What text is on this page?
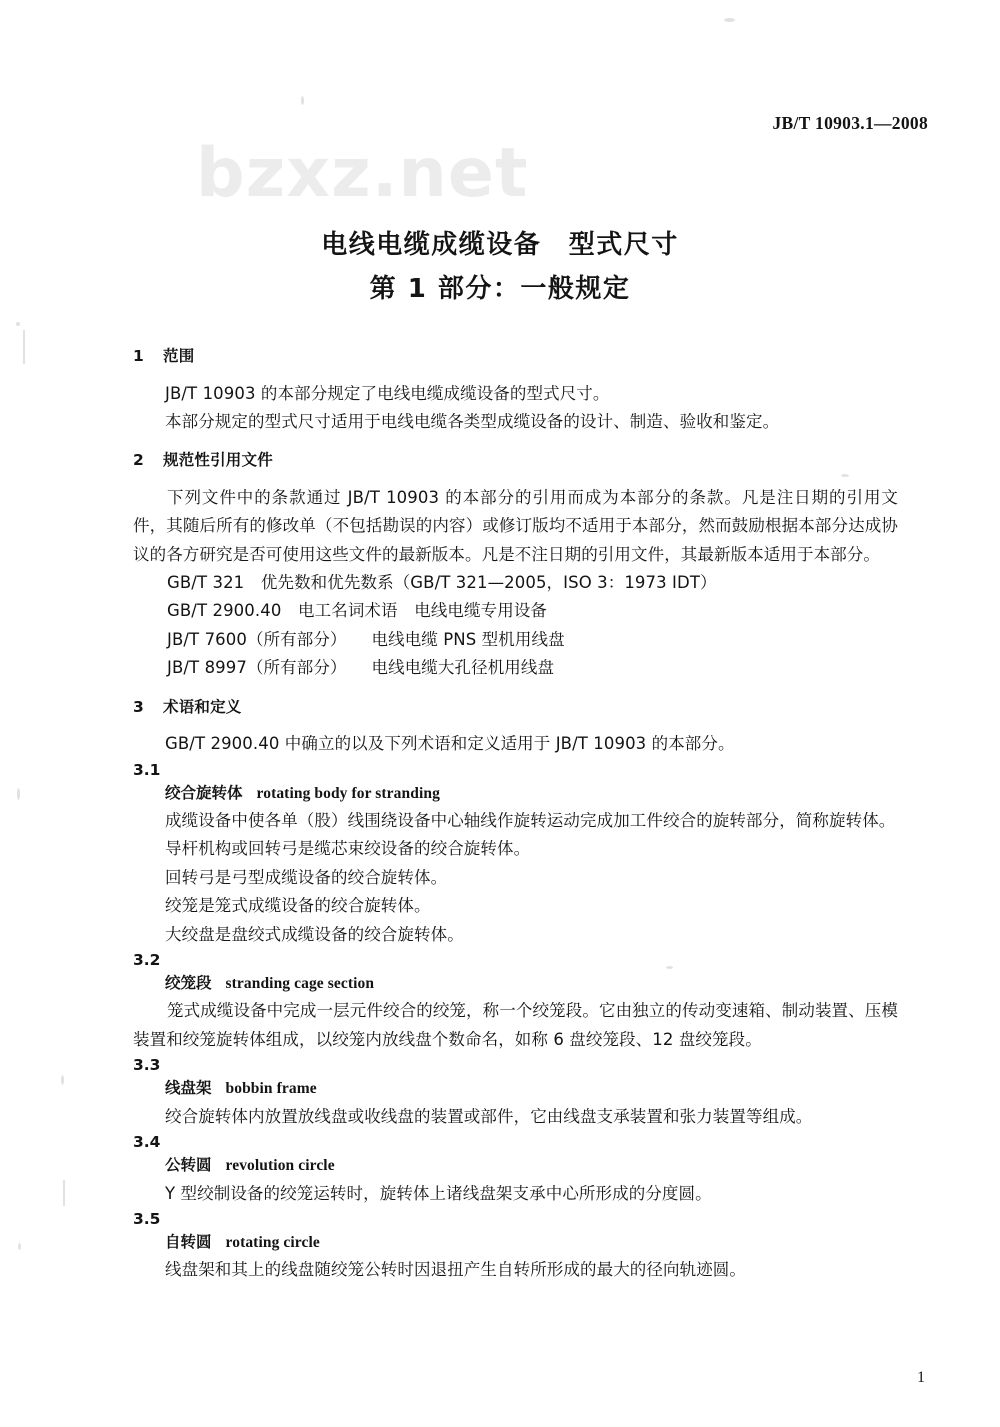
bzxz.net
JB/T 10903.1—2008
电线电缆成缆设备　型式尺寸
第 1 部分：一般规定

1 范围

JB/T 10903 的本部分规定了电线电缆成缆设备的型式尺寸。

本部分规定的型式尺寸适用于电线电缆各类型成缆设备的设计、制造、验收和鉴定。

2 规范性引用文件

下列文件中的条款通过 JB/T 10903 的本部分的引用而成为本部分的条款。凡是注日期的引用文件，其随后所有的修改单（不包括勘误的内容）或修订版均不适用于本部分，然而鼓励根据本部分达成协议的各方研究是否可使用这些文件的最新版本。凡是不注日期的引用文件，其最新版本适用于本部分。

GB/T 321　优先数和优先数系（GB/T 321—2005，ISO 3：1973 IDT）

GB/T 2900.40　电工名词术语　电线电缆专用设备

JB/T 7600（所有部分）　　电线电缆 PNS 型机用线盘

JB/T 8997（所有部分）　　电线电缆大孔径机用线盘

3 术语和定义

GB/T 2900.40 中确立的以及下列术语和定义适用于 JB/T 10903 的本部分。

3.1

绞合旋转体 rotating body for stranding

成缆设备中使各单（股）线围绕设备中心轴线作旋转运动完成加工件绞合的旋转部分，简称旋转体。

导杆机构或回转弓是缆芯束绞设备的绞合旋转体。

回转弓是弓型成缆设备的绞合旋转体。

绞笼是笼式成缆设备的绞合旋转体。

大绞盘是盘绞式成缆设备的绞合旋转体。

3.2

绞笼段 stranding cage section

笼式成缆设备中完成一层元件绞合的绞笼，称一个绞笼段。它由独立的传动变速箱、制动装置、压模装置和绞笼旋转体组成，以绞笼内放线盘个数命名，如称 6 盘绞笼段、12 盘绞笼段。

3.3

线盘架 bobbin frame

绞合旋转体内放置放线盘或收线盘的装置或部件，它由线盘支承装置和张力装置等组成。

3.4

公转圆 revolution circle

Y 型绞制设备的绞笼运转时，旋转体上诸线盘架支承中心所形成的分度圆。

3.5

自转圆 rotating circle

线盘架和其上的线盘随绞笼公转时因退扭产生自转所形成的最大的径向轨迹圆。

1
